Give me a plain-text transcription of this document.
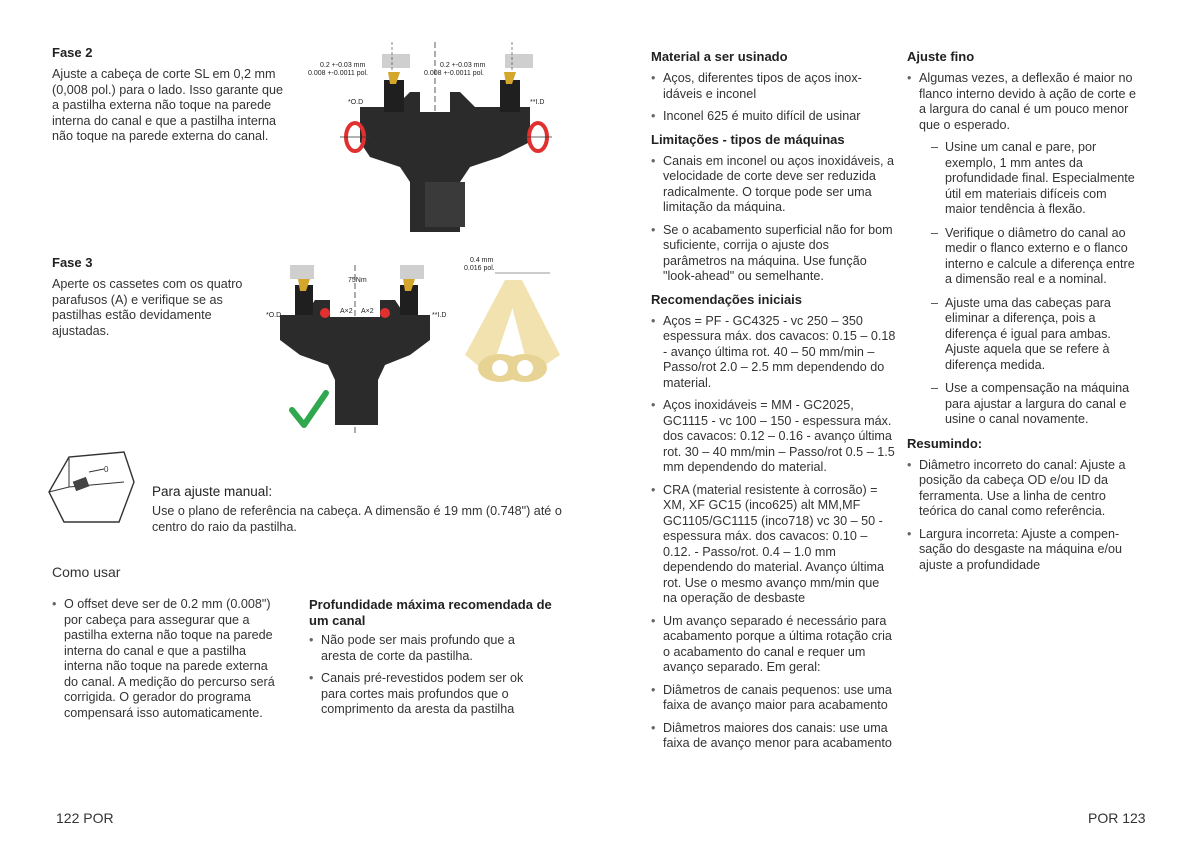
Fase 2
Ajuste a cabeça de corte SL em 0,2 mm (0,008 pol.) para o lado. Isso garante que a pastilha externa não toque na parede interna do canal e que a pastilha interna não toque na parede externa do canal.
0.2 +-0.03 mm
0.008 +-0.0011 pol.
0.2 +-0.03 mm
0.008 +-0.0011 pol.
*O.D	**I.D
Fase 3
Aperte os cassetes com os quatro parafusos (A) e verifique se as pastilhas estão devidamente ajustadas.
75Nm
A×2 A×2
*O.D	**I.D
0.4 mm
0.016 pol.
0
Para ajuste manual:
Use o plano de referência na cabeça. A dimensão é 19 mm (0.748") até o centro do raio da pastilha.
Como usar
• O offset deve ser de 0.2 mm (0.008") por cabeça para assegurar que a pastilha externa não toque na parede interna do canal e que a pastilha interna não toque na parede externa do canal. A medição do percurso será corrigida. O gerador do programa compensará isso automaticamente.
Profundidade máxima recomendada de um canal
• Não pode ser mais profundo que a aresta de corte da pastilha.
• Canais pré-revestidos podem ser ok para cortes mais profundos que o comprimento da aresta da pastilha
122 POR
Material a ser usinado
• Aços, diferentes tipos de aços inox- idáveis e inconel
• Inconel 625 é muito difícil de usinar
Limitações - tipos de máquinas
• Canais em inconel ou aços inoxidáveis, a velocidade de corte deve ser reduzida radicalmente. O torque pode ser uma limitação da máquina.
• Se o acabamento superficial não for bom suficiente, corrija o ajuste dos parâmetros na máquina. Use função "look-ahead" ou semelhante.
Recomendações iniciais
• Aços = PF - GC4325 - vc 250 – 350 espessura máx. dos cavacos: 0.15 – 0.18 - avanço última rot. 40 – 50 mm/min – Passo/rot 2.0 – 2.5 mm dependendo do material.
• Aços inoxidáveis = MM - GC2025, GC1115 - vc 100 – 150 - espessura máx. dos cavacos: 0.12 – 0.16 - avanço última rot. 30 – 40 mm/min – Passo/rot 0.5 – 1.5 mm dependendo do material.
• CRA (material resistente à corrosão) = XM, XF GC15 (inco625) alt MM,MF GC1105/GC1115 (inco718) vc 30 – 50 - espessura máx. dos cavacos: 0.10 – 0.12. - Passo/rot. 0.4 – 1.0 mm dependendo do material. Avanço última rot. Use o mesmo avanço mm/min que na operação de desbaste
• Um avanço separado é necessário para acabamento porque a última rotação cria o acabamento do canal e requer um avanço separado. Em geral:
• Diâmetros de canais pequenos: use uma faixa de avanço maior para acabamento
• Diâmetros maiores dos canais: use uma faixa de avanço menor para acabamento
Ajuste fino
• Algumas vezes, a deflexão é maior no flanco interno devido à ação de corte e a largura do canal é um pouco menor que o esperado.
– Usine um canal e pare, por exemplo, 1 mm antes da profundidade final. Especialmente útil em materiais difíceis com maior tendência à flexão.
– Verifique o diâmetro do canal ao medir o flanco externo e o flanco interno e calcule a diferença entre a dimensão real e a nominal.
– Ajuste uma das cabeças para eliminar a diferença, pois a diferença é igual para ambas. Ajuste aquela que se refere à diferença medida.
– Use a compensação na máquina para ajustar a largura do canal e usine o canal novamente.
Resumindo:
• Diâmetro incorreto do canal: Ajuste a posição da cabeça OD e/ou ID da ferramenta. Use a linha de centro teórica do canal como referência.
• Largura incorreta: Ajuste a compen- sação do desgaste na máquina e/ou ajuste a profundidade
POR 123
